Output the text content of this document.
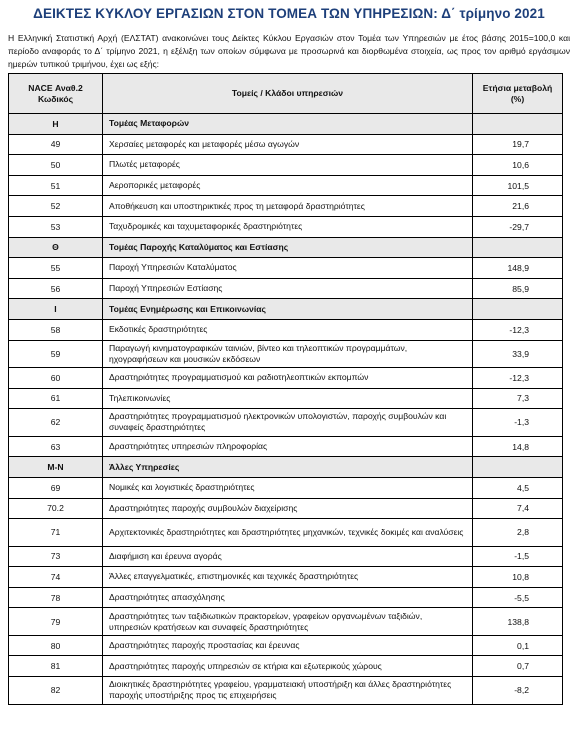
ΔΕΙΚΤΕΣ ΚΥΚΛΟΥ ΕΡΓΑΣΙΩΝ ΣΤΟΝ ΤΟΜΕΑ ΤΩΝ ΥΠΗΡΕΣΙΩΝ: Δ΄ τρίμηνο 2021
Η Ελληνική Στατιστική Αρχή (ΕΛΣΤΑΤ) ανακοινώνει τους Δείκτες Κύκλου Εργασιών στον Τομέα των Υπηρεσιών με έτος βάσης 2015=100,0 και περίοδο αναφοράς το Δ΄ τρίμηνο 2021, η εξέλιξη των οποίων σύμφωνα με προσωρινά και διορθωμένα στοιχεία, ως προς τον αριθμό εργάσιμων ημερών τυπικού τριμήνου, έχει ως εξής:
NACE Αναθ.2
Κωδικός	Τομείς / Κλάδοι υπηρεσιών	Ετήσια μεταβολή (%)
Η	Τομέας Μεταφορών	
49	Χερσαίες μεταφορές και μεταφορές μέσω αγωγών	19,7
50	Πλωτές μεταφορές	10,6
51	Αεροπορικές μεταφορές	101,5
52	Αποθήκευση και υποστηρικτικές προς τη μεταφορά δραστηριότητες	21,6
53	Ταχυδρομικές και ταχυμεταφορικές δραστηριότητες	-29,7
Θ	Τομέας Παροχής Καταλύματος και Εστίασης	
55	Παροχή Υπηρεσιών Καταλύματος	148,9
56	Παροχή Υπηρεσιών Εστίασης	85,9
Ι	Τομέας Ενημέρωσης και Επικοινωνίας	
58	Εκδοτικές δραστηριότητες	-12,3
59	Παραγωγή κινηματογραφικών ταινιών, βίντεο και τηλεοπτικών προγραμμάτων, ηχογραφήσεων και μουσικών εκδόσεων	33,9
60	Δραστηριότητες προγραμματισμού και ραδιοτηλεοπτικών εκπομπών	-12,3
61	Τηλεπικοινωνίες	7,3
62	Δραστηριότητες προγραμματισμού ηλεκτρονικών υπολογιστών, παροχής συμβουλών και συναφείς δραστηριότητες	-1,3
63	Δραστηριότητες υπηρεσιών πληροφορίας	14,8
Μ-Ν	Άλλες Υπηρεσίες	
69	Νομικές και λογιστικές δραστηριότητες	4,5
70.2	Δραστηριότητες παροχής συμβουλών διαχείρισης	7,4
71	Αρχιτεκτονικές δραστηριότητες και δραστηριότητες μηχανικών, τεχνικές δοκιμές και αναλύσεις	2,8
73	Διαφήμιση και έρευνα αγοράς	-1,5
74	Άλλες επαγγελματικές, επιστημονικές και τεχνικές δραστηριότητες	10,8
78	Δραστηριότητες απασχόλησης	-5,5
79	Δραστηριότητες των ταξιδιωτικών πρακτορείων, γραφείων οργανωμένων ταξιδιών, υπηρεσιών κρατήσεων και συναφείς δραστηριότητες	138,8
80	Δραστηριότητες παροχής προστασίας και έρευνας	0,1
81	Δραστηριότητες παροχής υπηρεσιών σε κτήρια και εξωτερικούς χώρους	0,7
82	Διοικητικές δραστηριότητες γραφείου, γραμματειακή υποστήριξη και άλλες δραστηριότητες παροχής υποστήριξης προς τις επιχειρήσεις	-8,2
